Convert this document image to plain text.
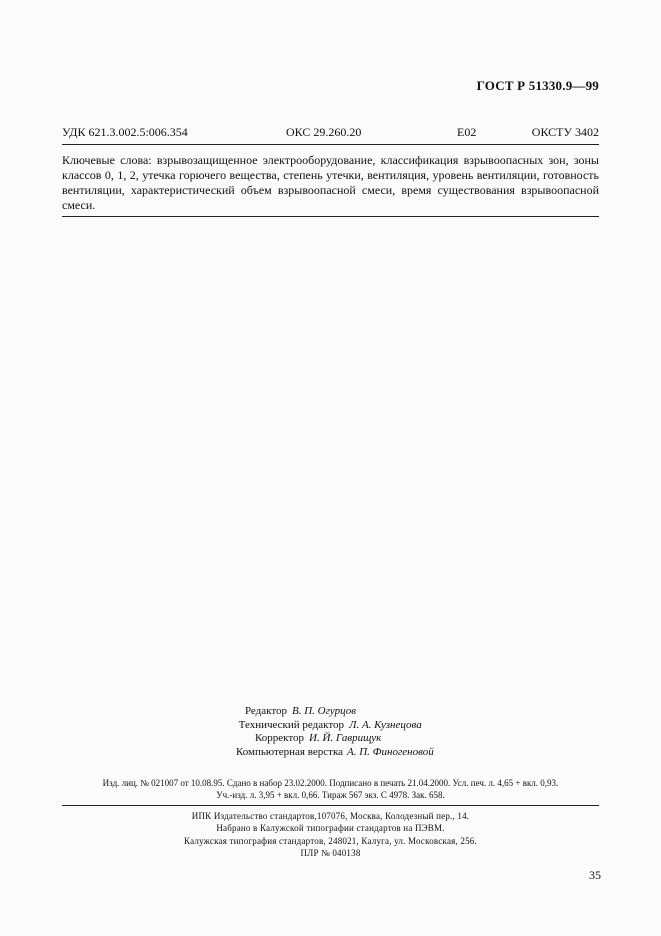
ГОСТ Р 51330.9—99
УДК 621.3.002.5:006.354	ОКС 29.260.20	Е02	ОКСТУ 3402
Ключевые слова: взрывозащищенное электрооборудование, классификация взрывоопасных зон, зоны классов 0, 1, 2, утечка горючего вещества, степень утечки, вентиляция, уровень вентиляции, готовность вентиляции, характеристический объем взрывоопасной смеси, время существования взрывоопасной смеси.
Редактор В. П. Огурцов
Технический редактор Л. А. Кузнецова
Корректор И. Й. Гаврищук
Компьютерная верстка А. П. Финогеновой
Изд. лиц. № 021007 от 10.08.95. Сдано в набор 23.02.2000. Подписано в печать 21.04.2000. Усл. печ. л. 4,65 + вкл. 0,93.
Уч.-изд. л. 3,95 + вкл. 0,66. Тираж 567 экз. С 4978. Зак. 658.
ИПК Издательство стандартов,107076, Москва, Колодезный пер., 14.
Набрано в Калужской типографии стандартов на ПЭВМ.
Калужская типография стандартов, 248021, Калуга, ул. Московская, 256.
ПЛР № 040138
35
